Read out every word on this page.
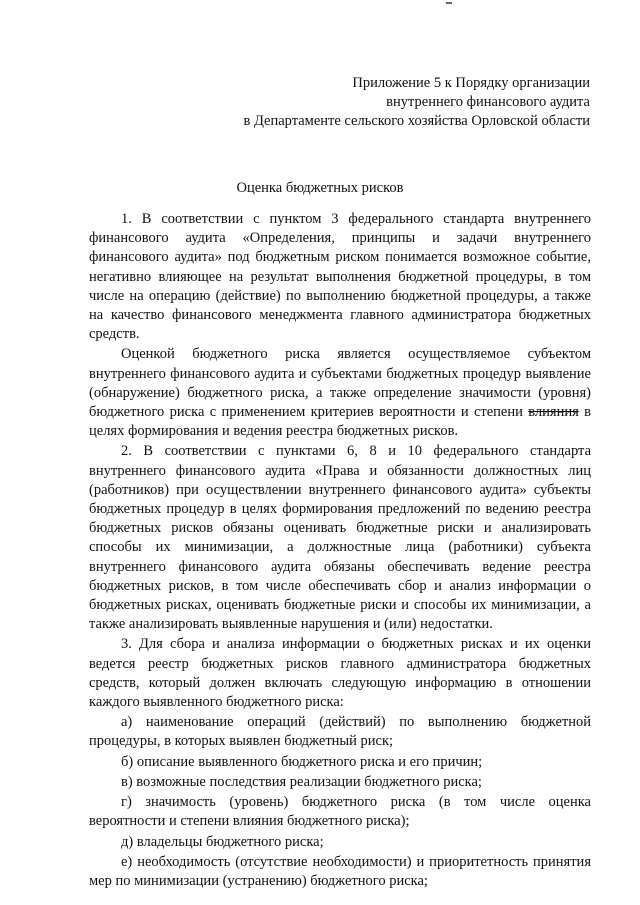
Приложение 5 к Порядку организации
внутреннего финансового аудита
в Департаменте сельского хозяйства Орловской области
Оценка бюджетных рисков

1. В соответствии с пунктом 3 федерального стандарта внутреннего финансового аудита «Определения, принципы и задачи внутреннего финансового аудита» под бюджетным риском понимается возможное событие, негативно влияющее на результат выполнения бюджетной процедуры, в том числе на операцию (действие) по выполнению бюджетной процедуры, а также на качество финансового менеджмента главного администратора бюджетных средств.

Оценкой бюджетного риска является осуществляемое субъектом внутреннего финансового аудита и субъектами бюджетных процедур выявление (обнаружение) бюджетного риска, а также определение значимости (уровня) бюджетного риска с применением критериев вероятности и степени влияния в целях формирования и ведения реестра бюджетных рисков.

2. В соответствии с пунктами 6, 8 и 10 федерального стандарта внутреннего финансового аудита «Права и обязанности должностных лиц (работников) при осуществлении внутреннего финансового аудита» субъекты бюджетных процедур в целях формирования предложений по ведению реестра бюджетных рисков обязаны оценивать бюджетные риски и анализировать способы их минимизации, а должностные лица (работники) субъекта внутреннего финансового аудита обязаны обеспечивать ведение реестра бюджетных рисков, в том числе обеспечивать сбор и анализ информации о бюджетных рисках, оценивать бюджетные риски и способы их минимизации, а также анализировать выявленные нарушения и (или) недостатки.

3. Для сбора и анализа информации о бюджетных рисках и их оценки ведется реестр бюджетных рисков главного администратора бюджетных средств, который должен включать следующую информацию в отношении каждого выявленного бюджетного риска:

а) наименование операций (действий) по выполнению бюджетной процедуры, в которых выявлен бюджетный риск;

б) описание выявленного бюджетного риска и его причин;

в) возможные последствия реализации бюджетного риска;

г) значимость (уровень) бюджетного риска (в том числе оценка вероятности и степени влияния бюджетного риска);

д) владельцы бюджетного риска;

е) необходимость (отсутствие необходимости) и приоритетность принятия мер по минимизации (устранению) бюджетного риска;
